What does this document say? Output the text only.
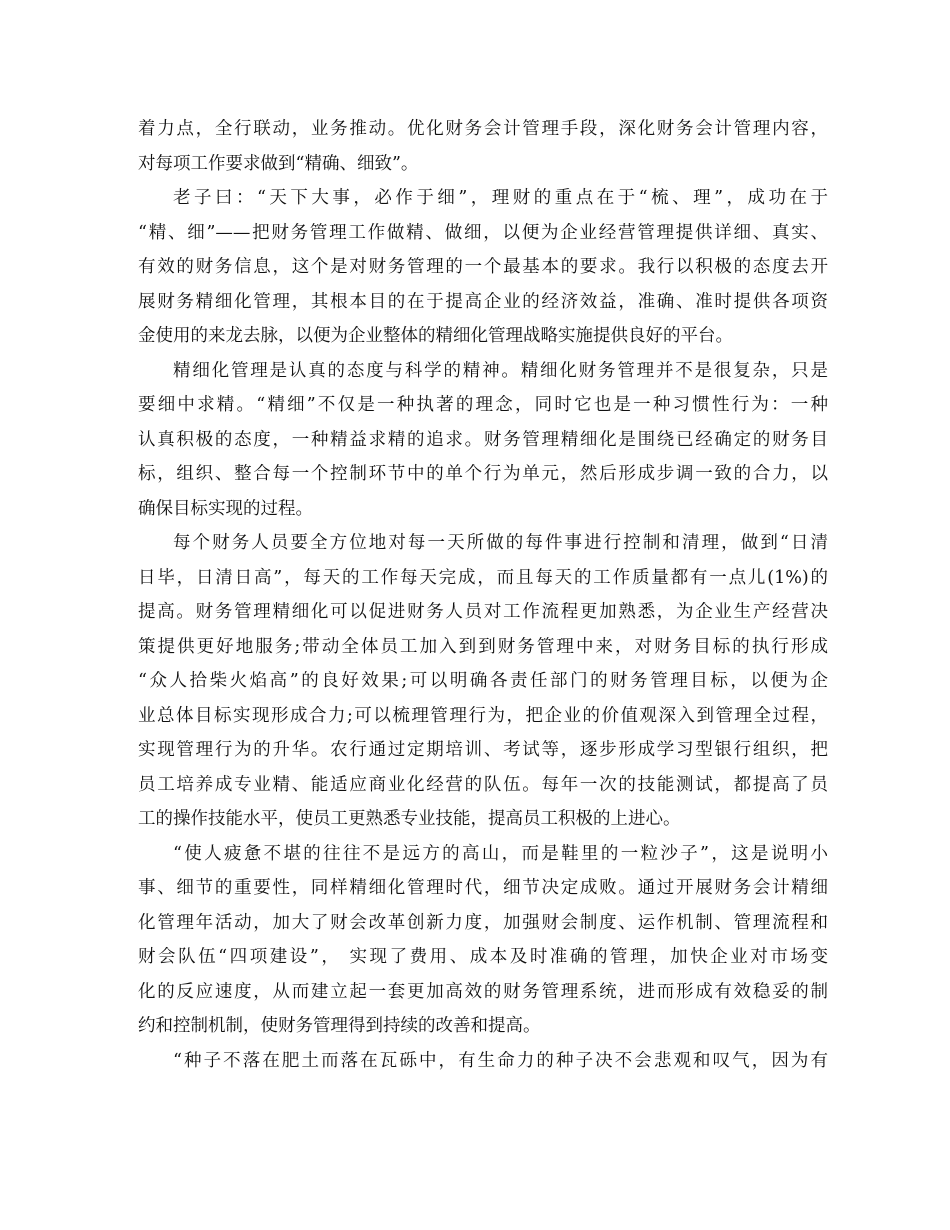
着力点，全行联动，业务推动。优化财务会计管理手段，深化财务会计管理内容，
对每项工作要求做到“精确、细致”。
老子曰：“天下大事，必作于细”，理财的重点在于“梳、理”，成功在于
“精、细”——把财务管理工作做精、做细，以便为企业经营管理提供详细、真实、
有效的财务信息，这个是对财务管理的一个最基本的要求。我行以积极的态度去开
展财务精细化管理，其根本目的在于提高企业的经济效益，准确、准时提供各项资
金使用的来龙去脉，以便为企业整体的精细化管理战略实施提供良好的平台。
精细化管理是认真的态度与科学的精神。精细化财务管理并不是很复杂，只是
要细中求精。“精细”不仅是一种执著的理念，同时它也是一种习惯性行为：一种
认真积极的态度，一种精益求精的追求。财务管理精细化是围绕已经确定的财务目
标，组织、整合每一个控制环节中的单个行为单元，然后形成步调一致的合力，以
确保目标实现的过程。
每个财务人员要全方位地对每一天所做的每件事进行控制和清理，做到“日清
日毕，日清日高”，每天的工作每天完成，而且每天的工作质量都有一点儿(1%)的
提高。财务管理精细化可以促进财务人员对工作流程更加熟悉，为企业生产经营决
策提供更好地服务;带动全体员工加入到到财务管理中来，对财务目标的执行形成
“众人拾柴火焰高”的良好效果;可以明确各责任部门的财务管理目标，以便为企
业总体目标实现形成合力;可以梳理管理行为，把企业的价值观深入到管理全过程，
实现管理行为的升华。农行通过定期培训、考试等，逐步形成学习型银行组织，把
员工培养成专业精、能适应商业化经营的队伍。每年一次的技能测试，都提高了员
工的操作技能水平，使员工更熟悉专业技能，提高员工积极的上进心。
“使人疲惫不堪的往往不是远方的高山，而是鞋里的一粒沙子”，这是说明小
事、细节的重要性，同样精细化管理时代，细节决定成败。通过开展财务会计精细
化管理年活动，加大了财会改革创新力度，加强财会制度、运作机制、管理流程和
财会队伍“四项建设”， 实现了费用、成本及时准确的管理，加快企业对市场变
化的反应速度，从而建立起一套更加高效的财务管理系统，进而形成有效稳妥的制
约和控制机制，使财务管理得到持续的改善和提高。
“种子不落在肥土而落在瓦砾中，有生命力的种子决不会悲观和叹气，因为有
